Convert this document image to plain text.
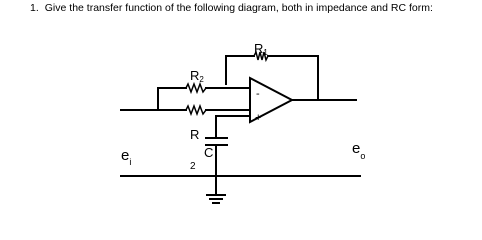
1. Give the transfer function of the following diagram, both in impedance and RC form:

R1
R2
R
2
C
$e_i$
$e_o$
-
+
